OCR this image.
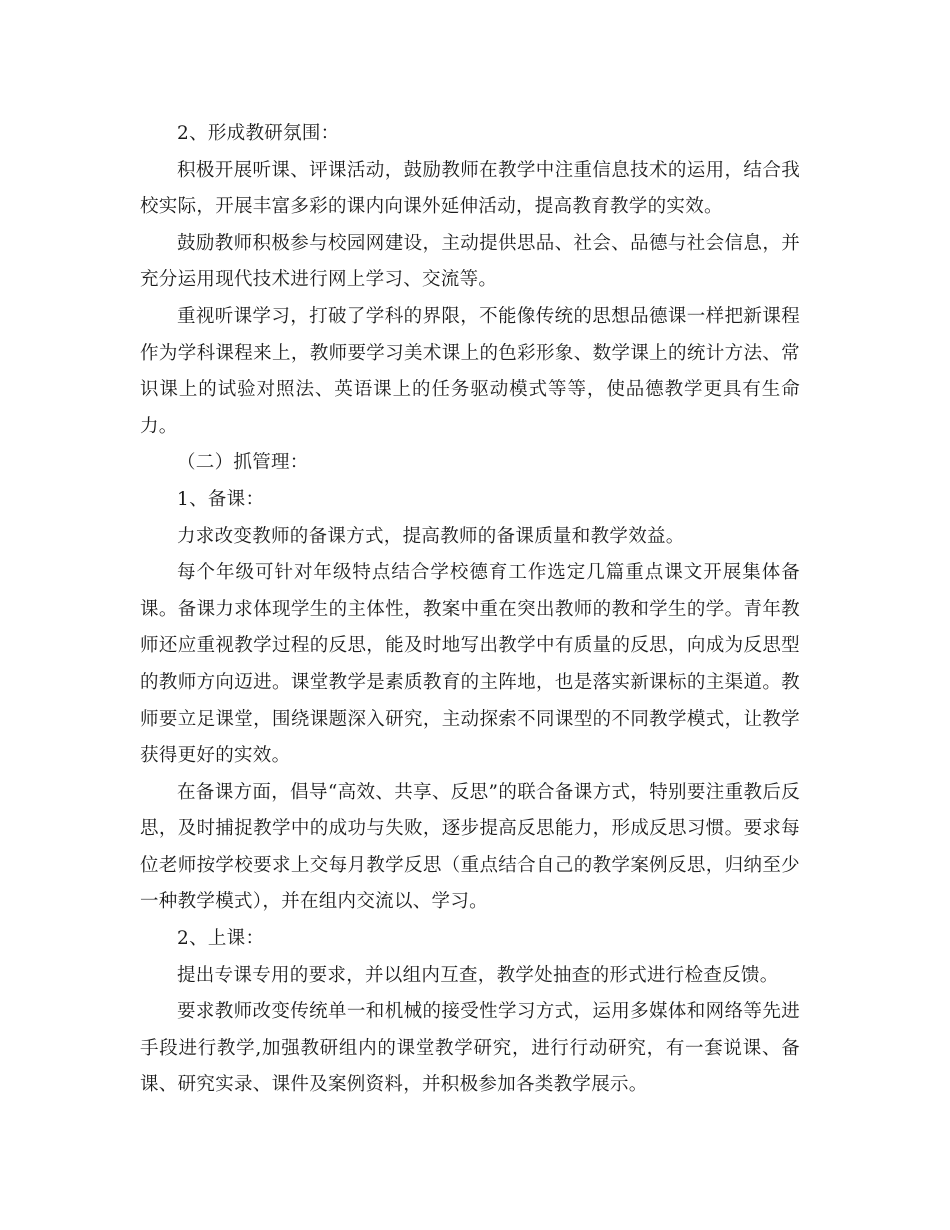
2、形成教研氛围：

积极开展听课、评课活动，鼓励教师在教学中注重信息技术的运用，结合我校实际，开展丰富多彩的课内向课外延伸活动，提高教育教学的实效。

鼓励教师积极参与校园网建设，主动提供思品、社会、品德与社会信息，并充分运用现代技术进行网上学习、交流等。

重视听课学习，打破了学科的界限，不能像传统的思想品德课一样把新课程作为学科课程来上，教师要学习美术课上的色彩形象、数学课上的统计方法、常识课上的试验对照法、英语课上的任务驱动模式等等，使品德教学更具有生命力。

（二）抓管理：

1、备课：

力求改变教师的备课方式，提高教师的备课质量和教学效益。

每个年级可针对年级特点结合学校德育工作选定几篇重点课文开展集体备课。备课力求体现学生的主体性，教案中重在突出教师的教和学生的学。青年教师还应重视教学过程的反思，能及时地写出教学中有质量的反思，向成为反思型的教师方向迈进。课堂教学是素质教育的主阵地，也是落实新课标的主渠道。教师要立足课堂，围绕课题深入研究，主动探索不同课型的不同教学模式，让教学获得更好的实效。

在备课方面，倡导“高效、共享、反思”的联合备课方式，特别要注重教后反思，及时捕捉教学中的成功与失败，逐步提高反思能力，形成反思习惯。要求每位老师按学校要求上交每月教学反思（重点结合自己的教学案例反思，归纳至少一种教学模式），并在组内交流以、学习。

2、上课：

提出专课专用的要求，并以组内互查，教学处抽查的形式进行检查反馈。

要求教师改变传统单一和机械的接受性学习方式，运用多媒体和网络等先进手段进行教学,加强教研组内的课堂教学研究，进行行动研究，有一套说课、备课、研究实录、课件及案例资料，并积极参加各类教学展示。
